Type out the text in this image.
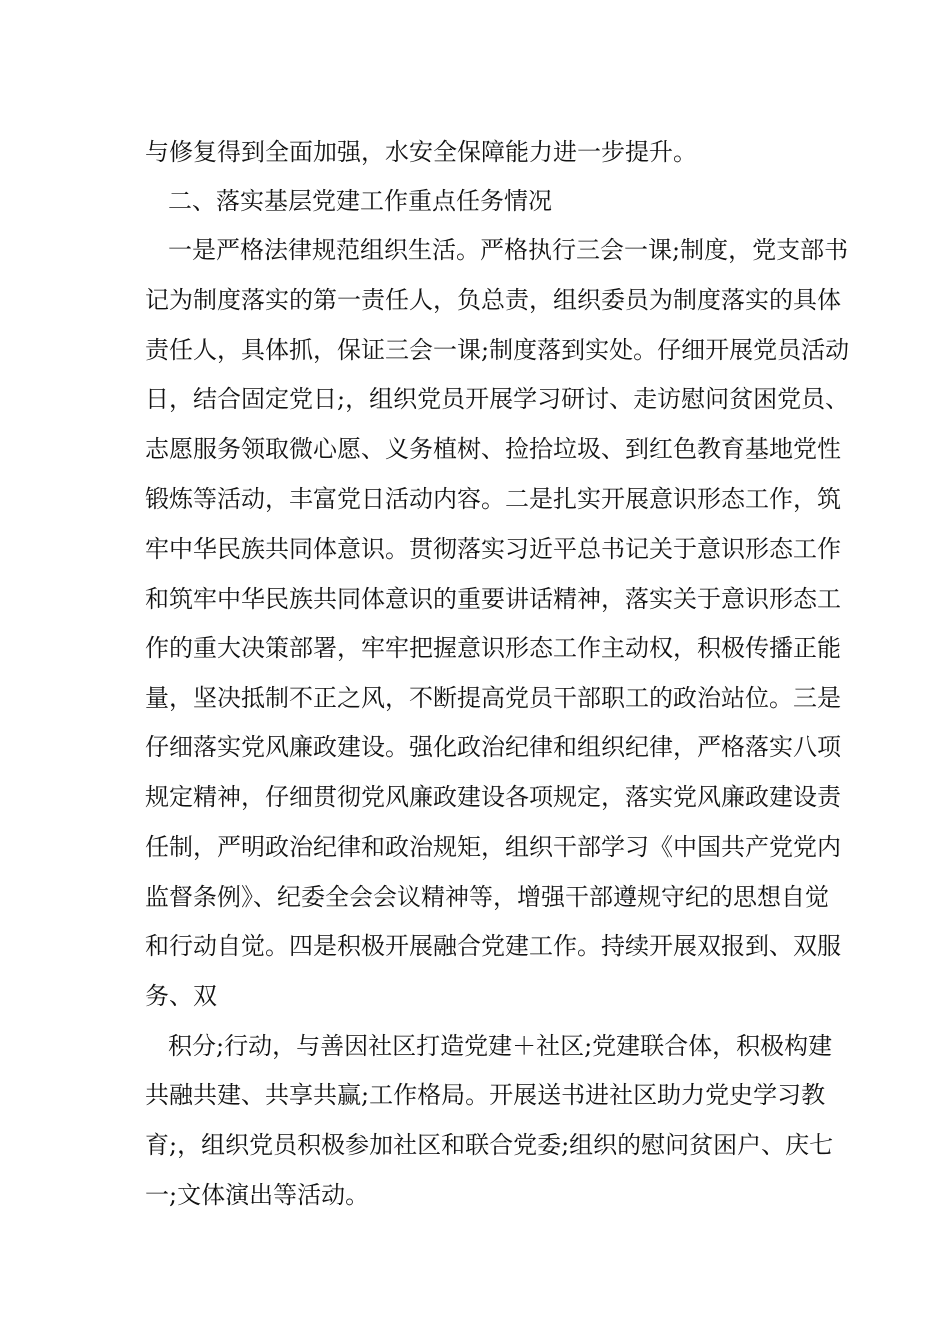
与修复得到全面加强，水安全保障能力进一步提升。
二、落实基层党建工作重点任务情况
一是严格法律规范组织生活。严格执行三会一课;制度，党支部书
记为制度落实的第一责任人，负总责，组织委员为制度落实的具体
责任人，具体抓，保证三会一课;制度落到实处。仔细开展党员活动
日，结合固定党日;，组织党员开展学习研讨、走访慰问贫困党员、
志愿服务领取微心愿、义务植树、捡拾垃圾、到红色教育基地党性
锻炼等活动，丰富党日活动内容。二是扎实开展意识形态工作，筑
牢中华民族共同体意识。贯彻落实习近平总书记关于意识形态工作
和筑牢中华民族共同体意识的重要讲话精神，落实关于意识形态工
作的重大决策部署，牢牢把握意识形态工作主动权，积极传播正能
量，坚决抵制不正之风，不断提高党员干部职工的政治站位。三是
仔细落实党风廉政建设。强化政治纪律和组织纪律，严格落实八项
规定精神，仔细贯彻党风廉政建设各项规定，落实党风廉政建设责
任制，严明政治纪律和政治规矩，组织干部学习《中国共产党党内
监督条例》、纪委全会会议精神等，增强干部遵规守纪的思想自觉
和行动自觉。四是积极开展融合党建工作。持续开展双报到、双服
务、双
积分;行动，与善因社区打造党建＋社区;党建联合体，积极构建
共融共建、共享共赢;工作格局。开展送书进社区助力党史学习教
育;，组织党员积极参加社区和联合党委;组织的慰问贫困户、庆七
一;文体演出等活动。
